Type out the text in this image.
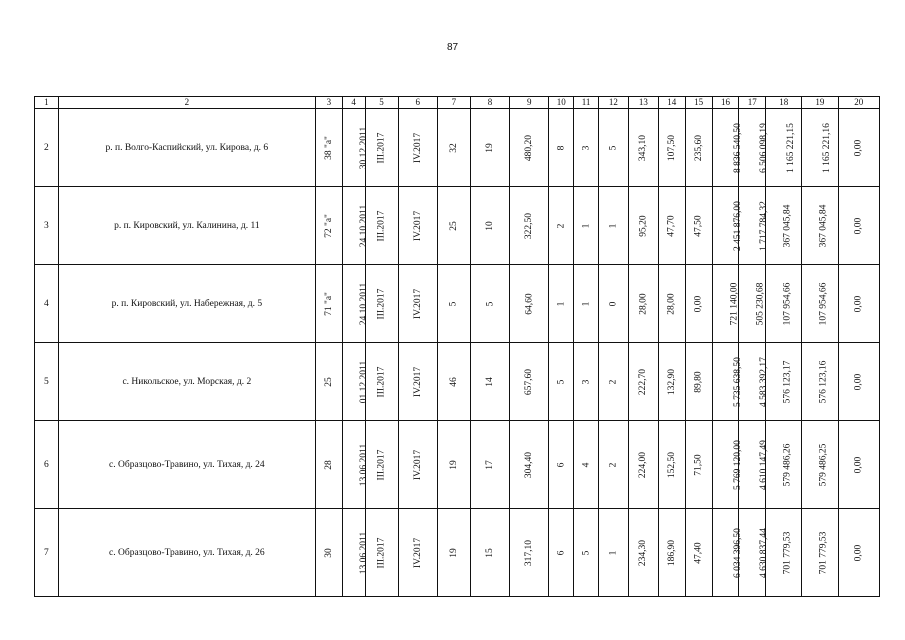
87
1	2	3	4	5	6	7	8	9	10	11	12	13	14	15	16	17	18	19	20
2	р. п. Волго-Каспийский, ул. Кирова, д. 6	38 "а"	30.12.2011	III.2017	IV.2017	32	19	480,20	8	3	5	343,10	107,50	235,60	8 836 540,50	6 506 098,19	1 165 221,15	1 165 221,16	0,00
3	р. п. Кировский, ул. Калинина, д. 11	72 "а"	24.10.2011	III.2017	IV.2017	25	10	322,50	2	1	1	95,20	47,70	47,50	2 451 876,00	1 717 784,32	367 045,84	367 045,84	0,00
4	р. п. Кировский, ул. Набережная, д. 5	71 "а"	24.10.2011	III.2017	IV.2017	5	5	64,60	1	1	0	28,00	28,00	0,00	721 140,00	505 230,68	107 954,66	107 954,66	0,00
5	с. Никольское, ул. Морская, д. 2	25	01.12.2011	III.2017	IV.2017	46	14	657,60	5	3	2	222,70	132,90	89,80	5 735 638,50	4 583 392,17	576 123,17	576 123,16	0,00
6	с. Образцово-Травино, ул. Тихая, д. 24	28	13.06.2011	III.2017	IV.2017	19	17	304,40	6	4	2	224,00	152,50	71,50	5 769 120,00	4 610 147,49	579 486,26	579 486,25	0,00
7	с. Образцово-Травино, ул. Тихая, д. 26	30	13.06.2011	III.2017	IV.2017	19	15	317,10	6	5	1	234,30	186,90	47,40	6 034 396,50	4 630 837,44	701 779,53	701 779,53	0,00
